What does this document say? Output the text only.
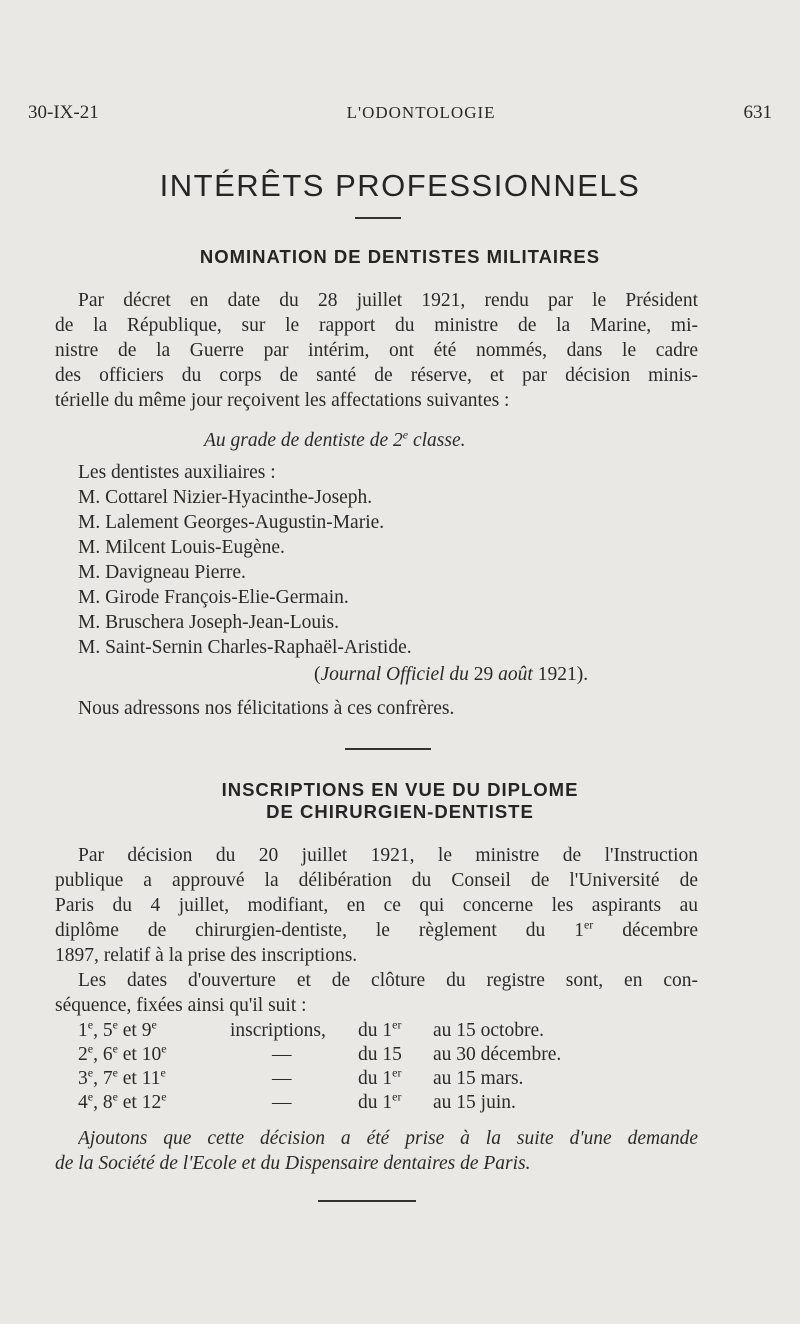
30-IX-21	L'ODONTOLOGIE	631
INTÉRÊTS PROFESSIONNELS
NOMINATION DE DENTISTES MILITAIRES
Par décret en date du 28 juillet 1921, rendu par le Président
de la République, sur le rapport du ministre de la Marine, mi-
nistre de la Guerre par intérim, ont été nommés, dans le cadre
des officiers du corps de santé de réserve, et par décision minis-
térielle du même jour reçoivent les affectations suivantes :
Au grade de dentiste de 2e classe.
Les dentistes auxiliaires :
M. Cottarel Nizier-Hyacinthe-Joseph.
M. Lalement Georges-Augustin-Marie.
M. Milcent Louis-Eugène.
M. Davigneau Pierre.
M. Girode François-Elie-Germain.
M. Bruschera Joseph-Jean-Louis.
M. Saint-Sernin Charles-Raphaël-Aristide.
(Journal Officiel du 29 août 1921).
Nous adressons nos félicitations à ces confrères.
INSCRIPTIONS EN VUE DU DIPLOME
DE CHIRURGIEN-DENTISTE
Par décision du 20 juillet 1921, le ministre de l'Instruction
publique a approuvé la délibération du Conseil de l'Université de
Paris du 4 juillet, modifiant, en ce qui concerne les aspirants au
diplôme de chirurgien-dentiste, le règlement du 1er décembre
1897, relatif à la prise des inscriptions.
Les dates d'ouverture et de clôture du registre sont, en con-
séquence, fixées ainsi qu'il suit :
1e, 5e et 9e	inscriptions, du 1er au 15 octobre.
2e, 6e et 10e	—	du 15 au 30 décembre.
3e, 7e et 11e	—	du 1er au 15 mars.
4e, 8e et 12e	—	du 1er au 15 juin.
Ajoutons que cette décision a été prise à la suite d'une demande
de la Société de l'Ecole et du Dispensaire dentaires de Paris.
